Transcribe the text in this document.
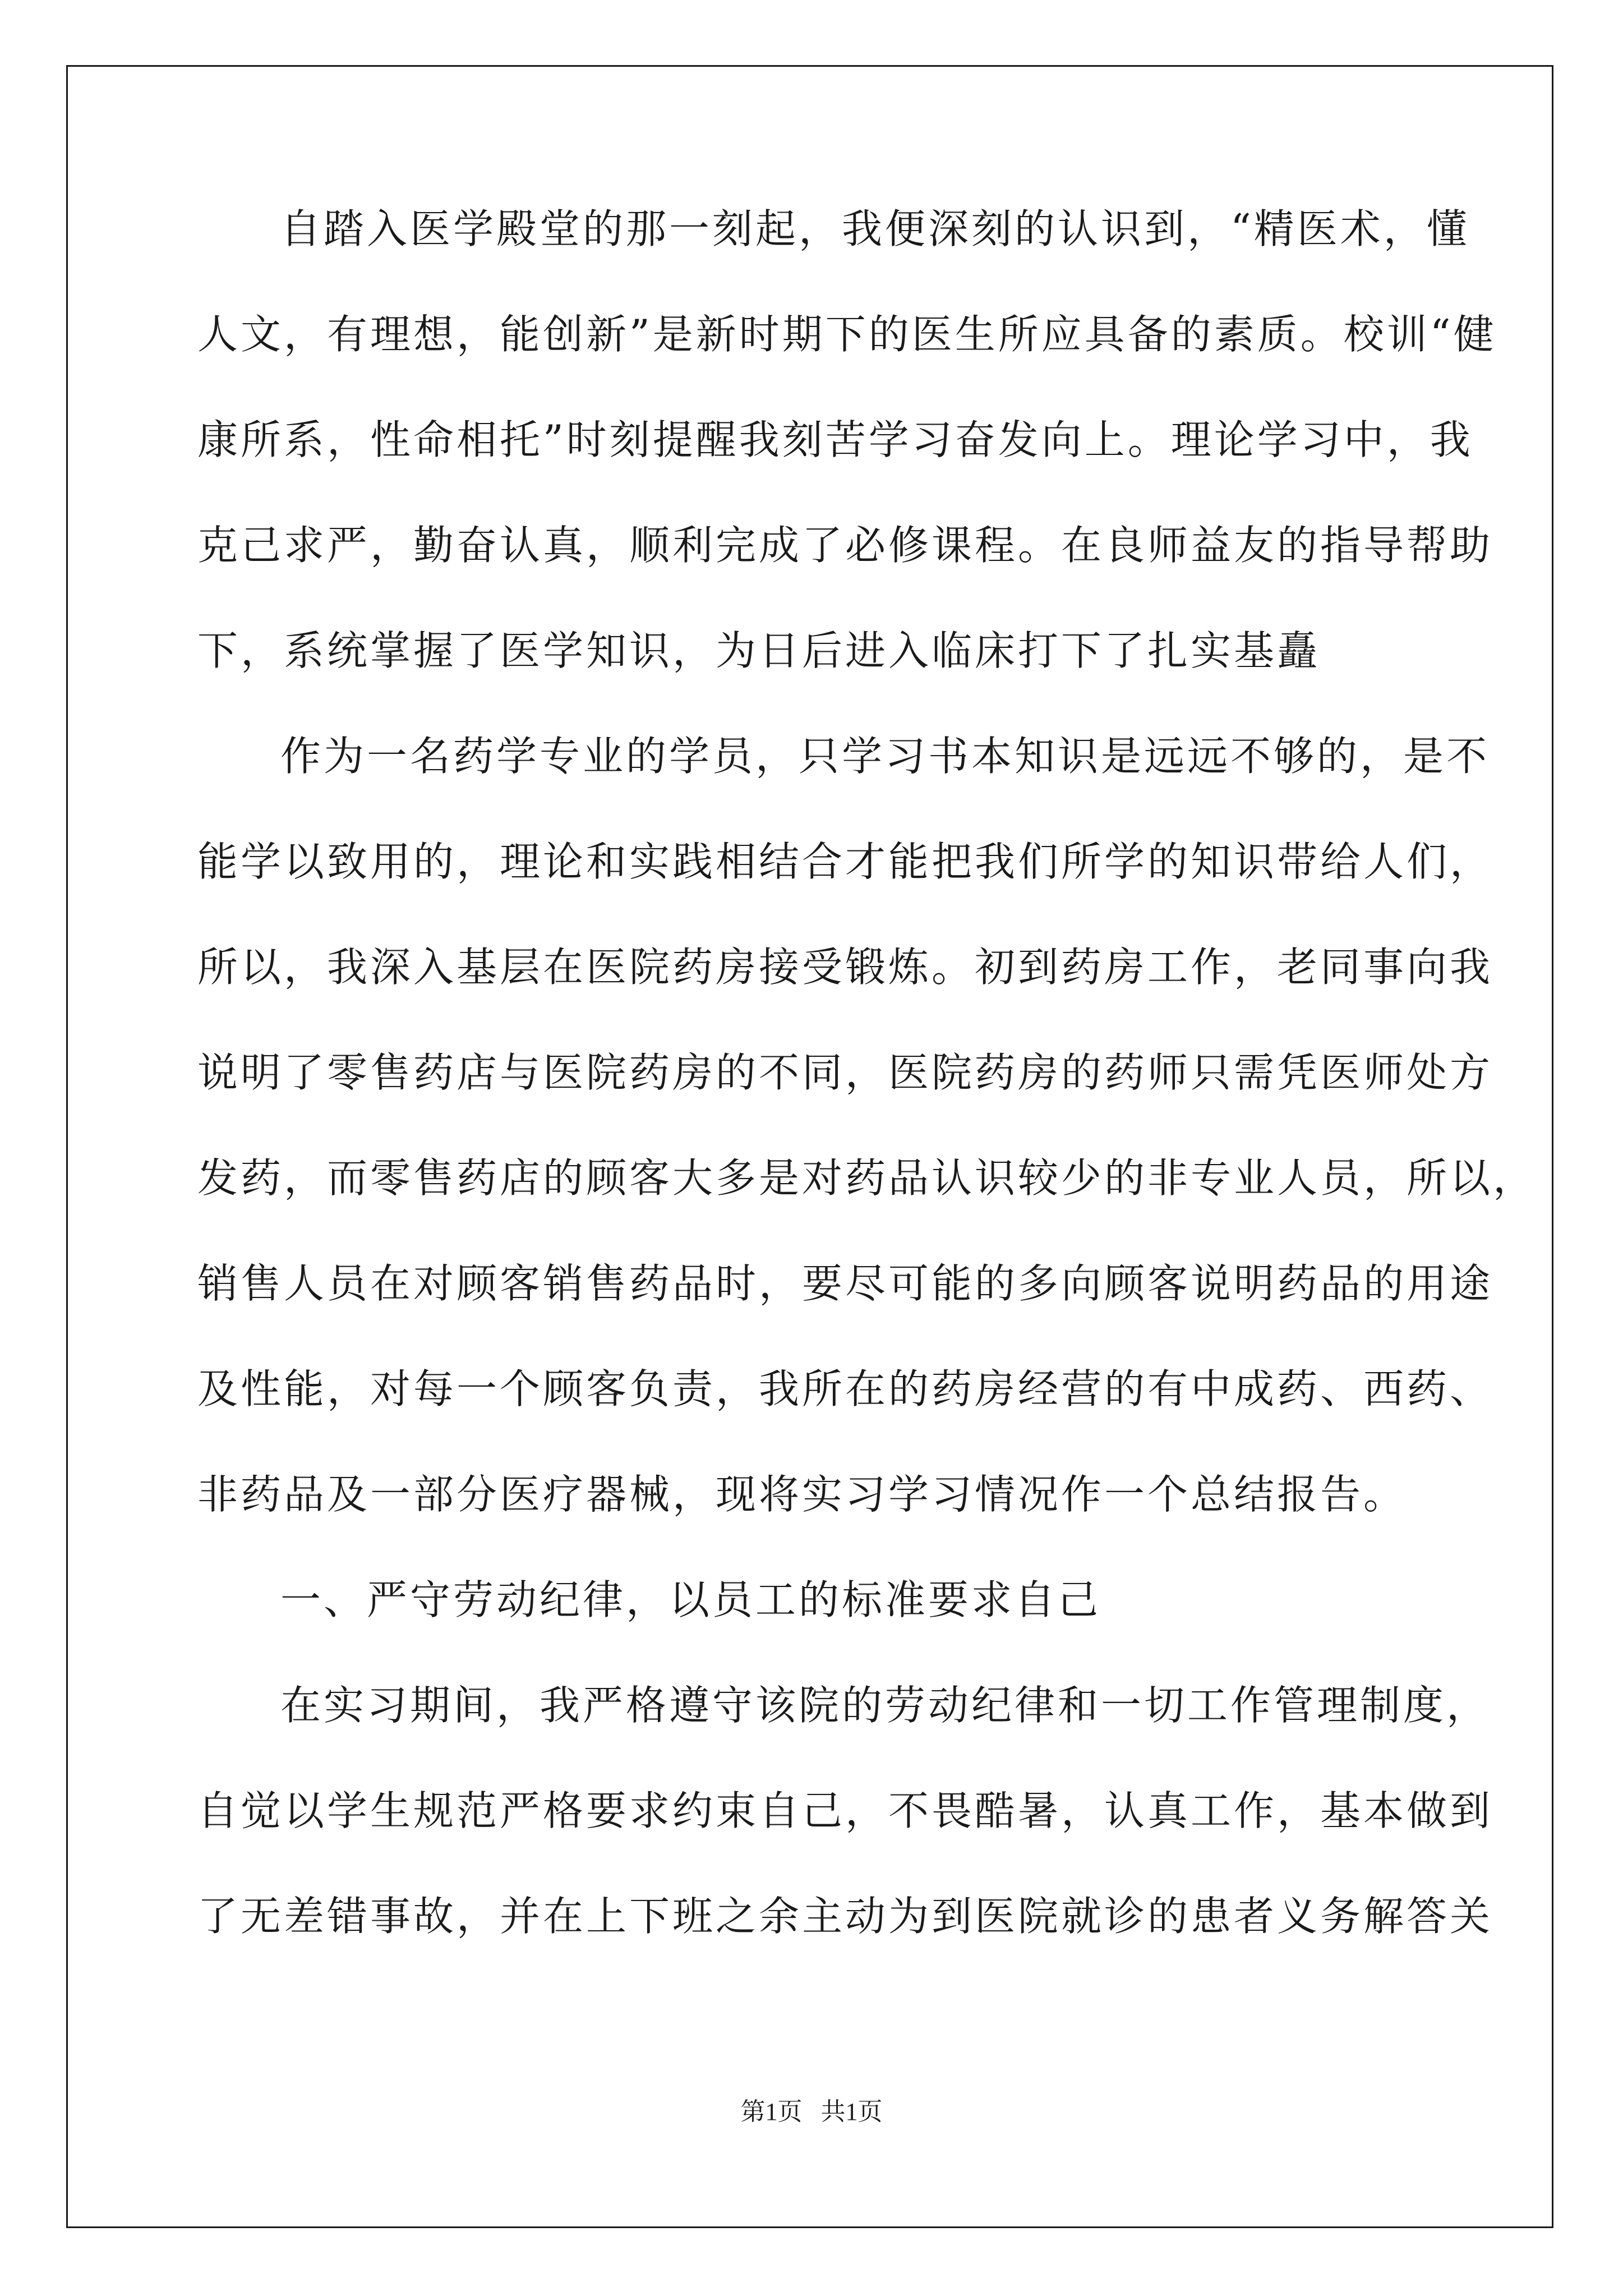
自踏入医学殿堂的那一刻起，我便深刻的认识到，“精医术，懂
人文，有理想，能创新”是新时期下的医生所应具备的素质。校训“健
康所系，性命相托”时刻提醒我刻苦学习奋发向上。理论学习中，我
克己求严，勤奋认真，顺利完成了必修课程。在良师益友的指导帮助
下，系统掌握了医学知识，为日后进入临床打下了扎实基矗
作为一名药学专业的学员，只学习书本知识是远远不够的，是不
能学以致用的，理论和实践相结合才能把我们所学的知识带给人们，
所以，我深入基层在医院药房接受锻炼。初到药房工作，老同事向我
说明了零售药店与医院药房的不同，医院药房的药师只需凭医师处方
发药，而零售药店的顾客大多是对药品认识较少的非专业人员，所以，
销售人员在对顾客销售药品时，要尽可能的多向顾客说明药品的用途
及性能，对每一个顾客负责，我所在的药房经营的有中成药、西药、
非药品及一部分医疗器械，现将实习学习情况作一个总结报告。
一、严守劳动纪律，以员工的标准要求自己
在实习期间，我严格遵守该院的劳动纪律和一切工作管理制度，
自觉以学生规范严格要求约束自己，不畏酷暑，认真工作，基本做到
了无差错事故，并在上下班之余主动为到医院就诊的患者义务解答关
第1页   共1页
